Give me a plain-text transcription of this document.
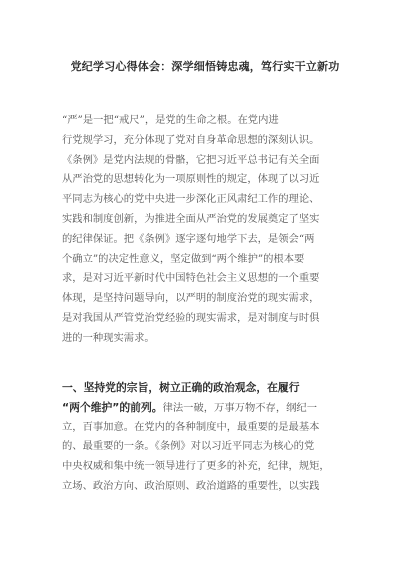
党纪学习心得体会：深学细悟铸忠魂，笃行实干立新功
“严”是一把“戒尺”，是党的生命之根。在党内进
行党规学习，充分体现了党对自身革命思想的深刻认识。
《条例》是党内法规的骨骼，它把习近平总书记有关全面
从严治党的思想转化为一项原则性的规定，体现了以习近
平同志为核心的党中央进一步深化正风肃纪工作的理论、
实践和制度创新，为推进全面从严治党的发展奠定了坚实
的纪律保证。把《条例》逐字逐句地学下去，是领会“两
个确立”的决定性意义，坚定做到“两个维护”的根本要
求，是对习近平新时代中国特色社会主义思想的一个重要
体现，是坚持问题导向，以严明的制度治党的现实需求，
是对我国从严管党治党经验的现实需求，是对制度与时俱
进的一种现实需求。
一、坚持党的宗旨，树立正确的政治观念，在履行
“两个维护”的前列。律法一破，万事万物不存，纲纪一
立，百事加意。在党内的各种制度中，最重要的是最基本
的、最重要的一条。《条例》对以习近平同志为核心的党
中央权威和集中统一领导进行了更多的补充，纪律，规矩，
立场、政治方向、政治原则、政治道路的重要性，以实践
